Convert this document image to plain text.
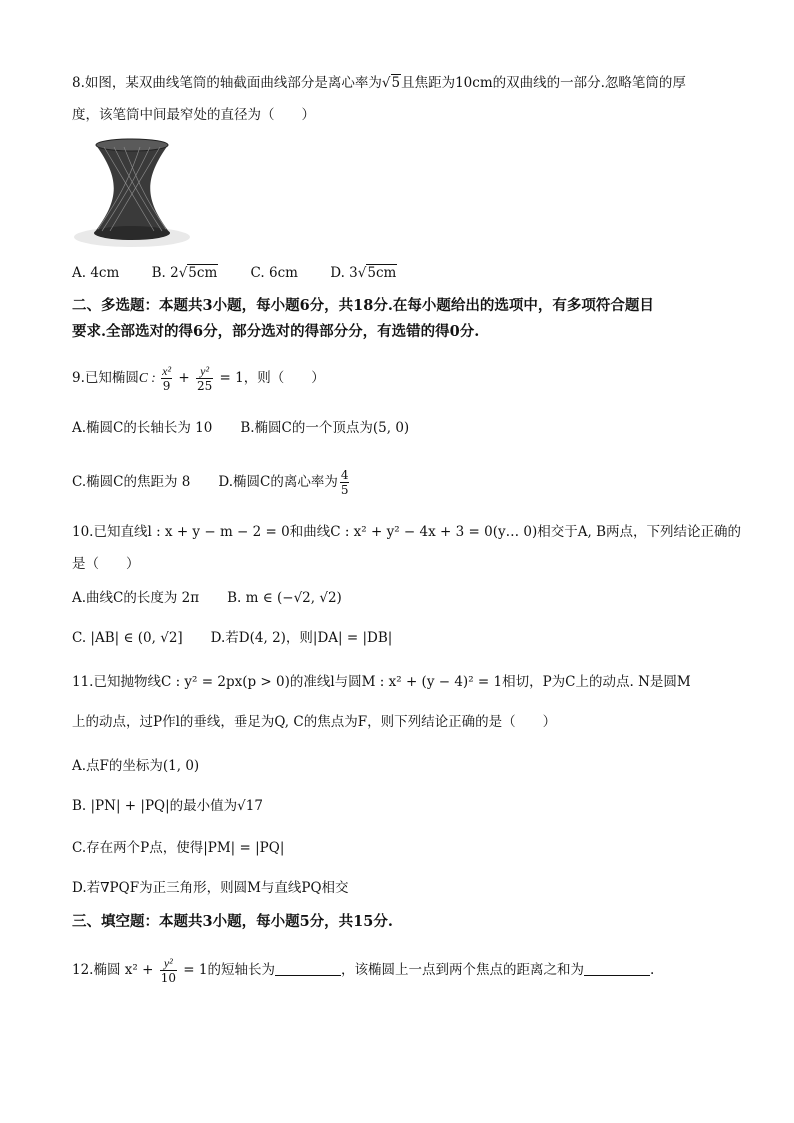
8.如图，某双曲线笔筒的轴截面曲线部分是离心率为√5且焦距为10cm的双曲线的一部分.忽略笔筒的厚
度，该笔筒中间最窄处的直径为（　　）
A. 4cm B. 2√5cm C. 6cm D. 3√5cm
二、多选题：本题共3小题，每小题6分，共18分.在每小题给出的选项中，有多项符合题目
要求.全部选对的得6分，部分选对的得部分分，有选错的得0分.
9.已知椭圆C : $\frac{\text{x²}}{9} + \frac{\text{y²}}{25} = 1$，则（　　）
A.椭圆C的长轴长为 10 B.椭圆C的一个顶点为(5, 0)
C.椭圆C的焦距为 8 D.椭圆C的离心率为 $\frac{4}{5}$
10.已知直线l : x + y − m − 2 = 0和曲线C : x² + y² − 4x + 3 = 0(y… 0)相交于A, B两点，下列结论正确的
是（　　）
A.曲线C的长度为 2π B. m ∈ (−√2, √2)
C. |AB| ∈ (0, √2] D.若D(4, 2)，则|DA| = |DB|
11.已知抛物线C : y² = 2px(p > 0)的准线l与圆M : x² + (y − 4)² = 1相切，P为C上的动点. N是圆M
上的动点，过P作l的垂线，垂足为Q, C的焦点为F，则下列结论正确的是（　　）
A.点F的坐标为(1, 0)
B. |PN| + |PQ|的最小值为√17
C.存在两个P点，使得|PM| = |PQ|
D.若∇PQF为正三角形，则圆M与直线PQ相交
三、填空题：本题共3小题，每小题5分，共15分.
12.椭圆 $x^2 + \frac{\text{y²}}{10} = 1$的短轴长为	，该椭圆上一点到两个焦点的距离之和为	.
